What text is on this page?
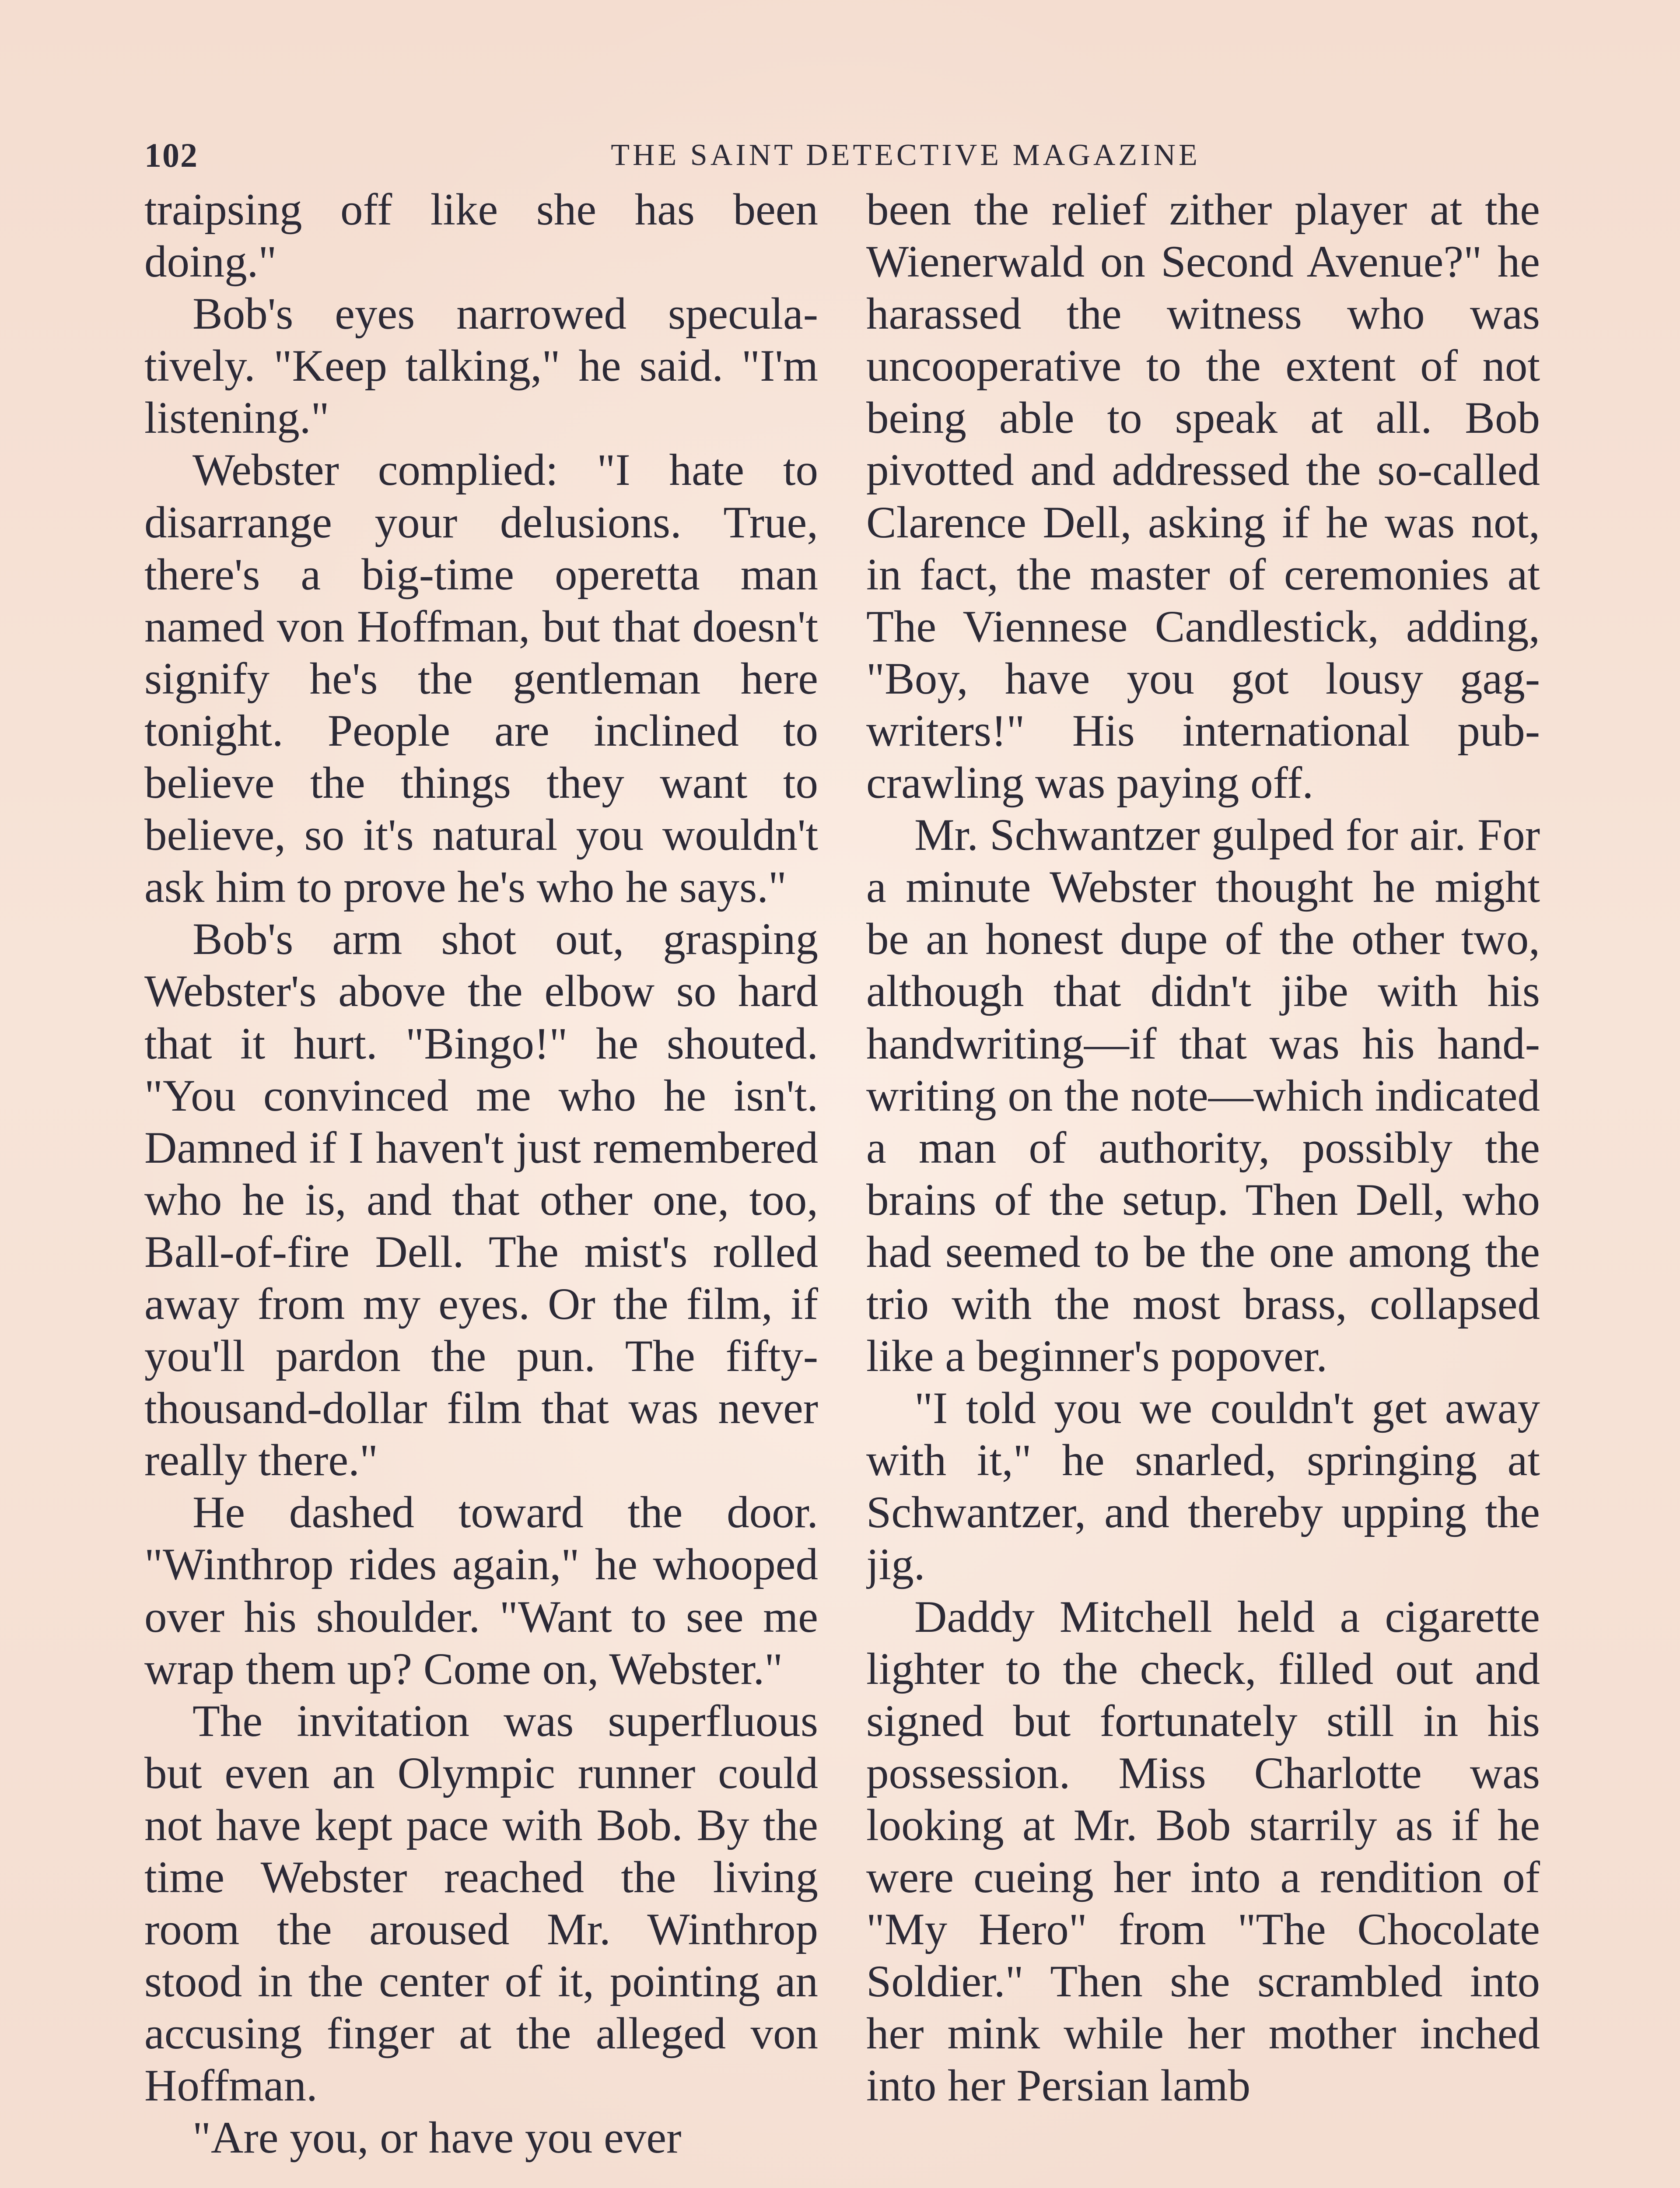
102	THE SAINT DETECTIVE MAGAZINE

traipsing off like she has been doing."

Bob's eyes narrowed speculatively. "Keep talking," he said. "I'm listening."

Webster complied: "I hate to disarrange your delusions. True, there's a big-time operetta man named von Hoffman, but that doesn't signify he's the gentleman here tonight. People are inclined to believe the things they want to believe, so it's natural you wouldn't ask him to prove he's who he says."

Bob's arm shot out, grasping Webster's above the elbow so hard that it hurt. "Bingo!" he shouted. "You convinced me who he isn't. Damned if I haven't just remembered who he is, and that other one, too, Ball-of-fire Dell. The mist's rolled away from my eyes. Or the film, if you'll pardon the pun. The fifty-thousand-dollar film that was never really there."

He dashed toward the door. "Winthrop rides again," he whooped over his shoulder. "Want to see me wrap them up? Come on, Webster."

The invitation was superfluous but even an Olympic runner could not have kept pace with Bob. By the time Webster reached the living room the aroused Mr. Winthrop stood in the center of it, pointing an accusing finger at the alleged von Hoffman.

"Are you, or have you ever

been the relief zither player at the Wienerwald on Second Avenue?" he harassed the witness who was uncooperative to the extent of not being able to speak at all. Bob pivotted and addressed the so-called Clarence Dell, asking if he was not, in fact, the master of ceremonies at The Viennese Candlestick, adding, "Boy, have you got lousy gag-writers!" His international pub-crawling was paying off.

Mr. Schwantzer gulped for air. For a minute Webster thought he might be an honest dupe of the other two, although that didn't jibe with his handwriting—if that was his handwriting on the note—which indicated a man of authority, possibly the brains of the setup. Then Dell, who had seemed to be the one among the trio with the most brass, collapsed like a beginner's popover.

"I told you we couldn't get away with it," he snarled, springing at Schwantzer, and thereby upping the jig.

Daddy Mitchell held a cigarette lighter to the check, filled out and signed but fortunately still in his possession. Miss Charlotte was looking at Mr. Bob starrily as if he were cueing her into a rendition of "My Hero" from "The Chocolate Soldier." Then she scrambled into her mink while her mother inched into her Persian lamb
